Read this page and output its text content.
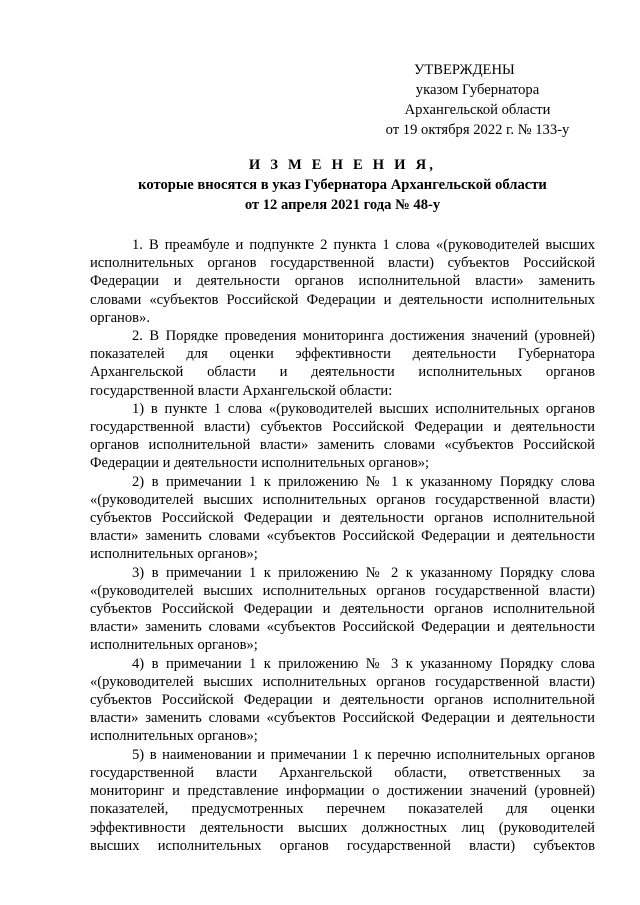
УТВЕРЖДЕНЫ
указом Губернатора
Архангельской области
от 19 октября 2022 г. № 133-у
И З М Е Н Е Н И Я,
которые вносятся в указ Губернатора Архангельской области
от 12 апреля 2021 года № 48-у

1. В преамбуле и подпункте 2 пункта 1 слова «(руководителей высших
исполнительных органов государственной власти) субъектов Российской
Федерации и деятельности органов исполнительной власти» заменить
словами «субъектов Российской Федерации и деятельности исполнительных
органов».

2. В Порядке проведения мониторинга достижения значений (уровней)
показателей для оценки эффективности деятельности Губернатора
Архангельской области и деятельности исполнительных органов
государственной власти Архангельской области:

1) в пункте 1 слова «(руководителей высших исполнительных органов
государственной власти) субъектов Российской Федерации и деятельности
органов исполнительной власти» заменить словами «субъектов Российской
Федерации и деятельности исполнительных органов»;

2) в примечании 1 к приложению № 1 к указанному Порядку слова
«(руководителей высших исполнительных органов государственной власти)
субъектов Российской Федерации и деятельности органов исполнительной
власти» заменить словами «субъектов Российской Федерации и деятельности
исполнительных органов»;

3) в примечании 1 к приложению № 2 к указанному Порядку слова
«(руководителей высших исполнительных органов государственной власти)
субъектов Российской Федерации и деятельности органов исполнительной
власти» заменить словами «субъектов Российской Федерации и деятельности
исполнительных органов»;

4) в примечании 1 к приложению № 3 к указанному Порядку слова
«(руководителей высших исполнительных органов государственной власти)
субъектов Российской Федерации и деятельности органов исполнительной
власти» заменить словами «субъектов Российской Федерации и деятельности
исполнительных органов»;

5) в наименовании и примечании 1 к перечню исполнительных органов
государственной власти Архангельской области, ответственных за
мониторинг и представление информации о достижении значений (уровней)
показателей, предусмотренных перечнем показателей для оценки
эффективности деятельности высших должностных лиц (руководителей
высших исполнительных органов государственной власти) субъектов
